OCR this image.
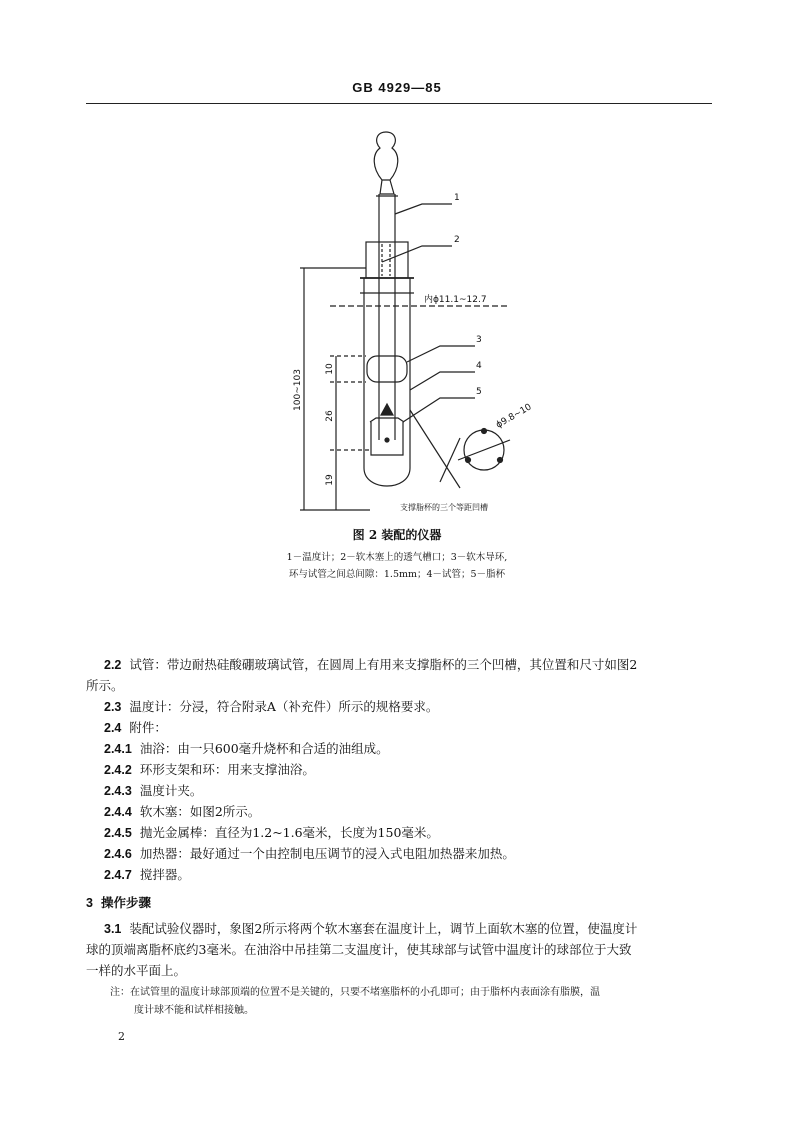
GB 4929—85
1
2
内ϕ11.1~12.7
3
4
5
100~103
10
26
19
ϕ9.8~10
支撑脂杯的三个等距凹槽
图 2 装配的仪器
1－温度计；2－软木塞上的透气槽口；3－软木导环,
环与试管之间总间隙：1.5mm；4－试管；5－脂杯
2.2 试管：带边耐热硅酸硼玻璃试管，在圆周上有用来支撑脂杯的三个凹槽，其位置和尺寸如图2
所示。
2.3 温度计：分浸，符合附录A（补充件）所示的规格要求。
2.4 附件：
2.4.1 油浴：由一只600毫升烧杯和合适的油组成。
2.4.2 环形支架和环：用来支撑油浴。
2.4.3 温度计夹。
2.4.4 软木塞：如图2所示。
2.4.5 抛光金属棒：直径为1.2~1.6毫米，长度为150毫米。
2.4.6 加热器：最好通过一个由控制电压调节的浸入式电阻加热器来加热。
2.4.7 搅拌器。
3 操作步骤
3.1 装配试验仪器时，象图2所示将两个软木塞套在温度计上，调节上面软木塞的位置，使温度计
球的顶端离脂杯底约3毫米。在油浴中吊挂第二支温度计，使其球部与试管中温度计的球部位于大致
一样的水平面上。
注：在试管里的温度计球部顶端的位置不是关键的，只要不堵塞脂杯的小孔即可；由于脂杯内表面涂有脂膜，温
度计球不能和试样相接触。
2
